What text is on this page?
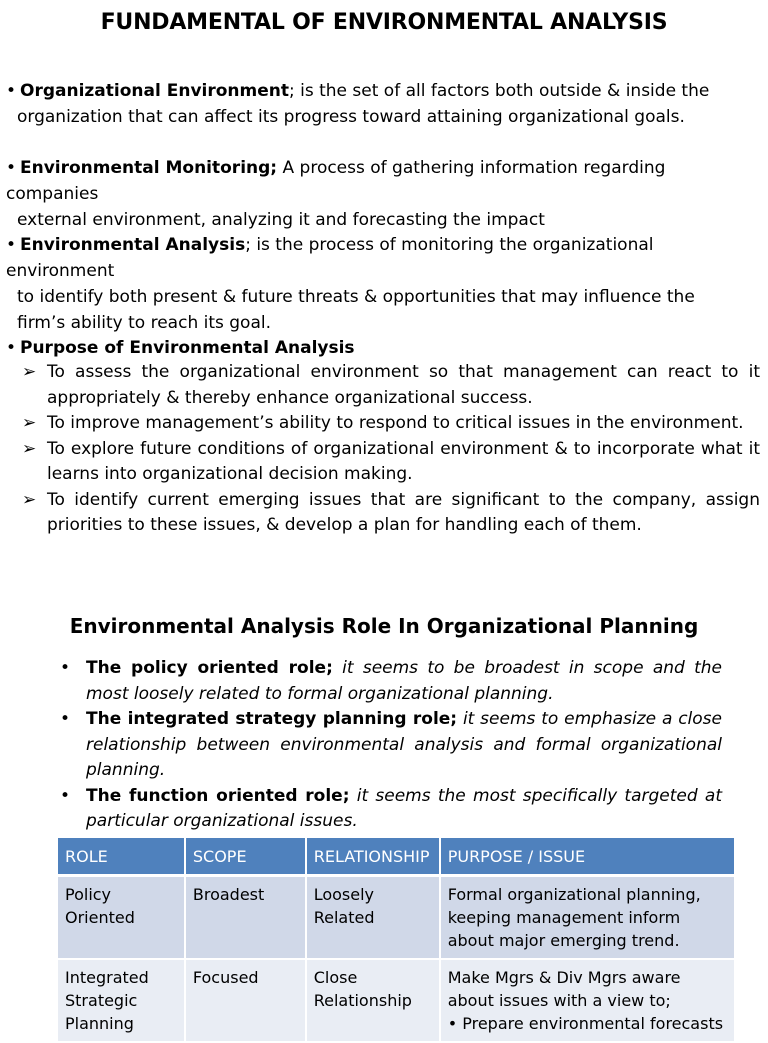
FUNDAMENTAL OF ENVIRONMENTAL ANALYSIS
• Organizational Environment; is the set of all factors both outside & inside the
organization that can affect its progress toward attaining organizational goals.
• Environmental Monitoring; A process of gathering information regarding companies
external environment, analyzing it and forecasting the impact
• Environmental Analysis; is the process of monitoring the organizational environment
to identify both present & future threats & opportunities that may influence the
firm’s ability to reach its goal.
• Purpose of Environmental Analysis
➢ To assess the organizational environment so that management can react to it appropriately & thereby enhance organizational success.
➢ To improve management’s ability to respond to critical issues in the environment.
➢ To explore future conditions of organizational environment & to incorporate what it learns into organizational decision making.
➢ To identify current emerging issues that are significant to the company, assign priorities to these issues, & develop a plan for handling each of them.
Environmental Analysis Role In Organizational Planning
• The policy oriented role; it seems to be broadest in scope and the most loosely related to formal organizational planning.
• The integrated strategy planning role; it seems to emphasize a close relationship between environmental analysis and formal organizational planning.
• The function oriented role; it seems the most specifically targeted at particular organizational issues.
ROLE	SCOPE	RELATIONSHIP	PURPOSE / ISSUE
Policy Oriented	Broadest	Loosely Related	Formal organizational planning, keeping management inform about major emerging trend.

Integrated Strategic Planning	Focused	Close Relationship	Make Mgrs & Div Mgrs aware about issues with a view to;
• Prepare environmental forecasts
